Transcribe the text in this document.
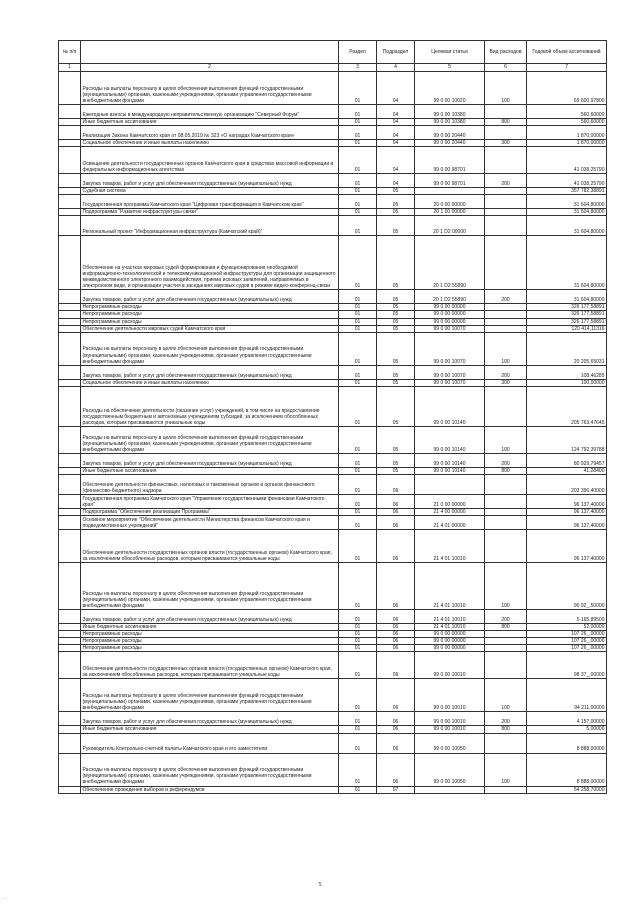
№ п/п		Раздел	Подраздел	Целевая статья	Вид расходов	Годовой объем ассигнований
1	2	3	4	5	6	7
	Расходы на выплаты персоналу в целях обеспечения выполнения функций государственными (муниципальными) органами, казенными учреждениями, органами управления государственными внебюджетными фондами	01	04	99 0 00 10020	100	69 600,97800
	Ежегодные взносы в международную неправительственную организацию "Северный Форум"	01	04	99 0 00 10380		560,60000
	Иные бюджетные ассигнования	01	04	99 0 00 10380	800	560,60000
	Реализация Закона Камчатского края от 08.05.2019 № 323 «О наградах Камчатского края»	01	04	99 0 00 20440		1 870,00000
	Социальное обеспечение и иные выплаты населению	01	04	99 0 00 20440	300	1 870,00000
	Освещение деятельности государственных органов Камчатского края в средствах массовой информации и федеральных информационных агентствах	01	04	99 0 00 98701		41 038,25790
	Закупка товаров, работ и услуг для обеспечения государственных (муниципальных) нужд	01	04	99 0 00 98701	200	41 038,25790
	Судебная система	01	05			357 782,38891
	Государственная программа Камчатского края "Цифровая трансформация в Камчатском крае"	01	05	20 0 00 00000		31 604,80000
	Подпрограмма "Развитие инфраструктуры связи"	01	05	20 1 00 00000		31 604,80000
	Региональный проект "Информационная инфраструктура (Камчатский край)"	01	05	20 1 D2 00000		31 604,80000
	Обеспечение на участках мировых судей формирования и функционирования необходимой информационно-технологической и телекоммуникационной инфраструктуры для организации защищенного межведомственного электронного взаимодействия, приема исковых заявлений, направляемых в электронном виде, и организации участия в заседаниях мировых судов в режиме видео-конференц-связи	01	05	20 1 D2 55890		31 604,80000
	Закупка товаров, работ и услуг для обеспечения государственных (муниципальных) нужд	01	05	20 1 D2 55890	200	31 604,80000
	Непрограммные расходы	01	05	99 0 00 00000		326 177,58891
	Непрограммные расходы	01	05	99 0 00 00000		326 177,58891
	Непрограммные расходы	01	05	99 0 00 00000		326 177,58891
	Обеспечение деятельности мировых судей Камчатского края	01	05	99 0 00 10070		120 414,11316
	Расходы на выплаты персоналу в целях обеспечения выполнения функций государственными (муниципальными) органами, казенными учреждениями, органами управления государственными внебюджетными фондами	01	05	99 0 00 10070	100	20 205,65031
	Закупка товаров, работ и услуг для обеспечения государственных (муниципальных) нужд	01	05	99 0 00 10070	200	108,46285
	Социальное обеспечение и иные выплаты населению	01	05	99 0 00 10070	300	100,00000
	Расходы на обеспечение деятельности (оказание услуг) учреждений, в том числе на предоставление государственным бюджетным и автономным учреждениям субсидий, за исключением обособленных расходов, которым присваиваются уникальные коды	01	05	99 0 00 10140		205 763,47645
	Расходы на выплаты персоналу в целях обеспечения выполнения функций государственными (муниципальными) органами, казенными учреждениями, органами управления государственными внебюджетными фондами	01	05	99 0 00 10140	100	124 792,39788
	Закупка товаров, работ и услуг для обеспечения государственных (муниципальных) нужд	01	05	99 0 00 10140	200	80 929,79457
	Иные бюджетные ассигнования	01	05	99 0 00 10140	800	41,28400
	Обеспечение деятельности финансовых, налоговых и таможенных органов и органов финансового (финансово-бюджетного) надзора	01	06			203 396,40000
	Государственная программа Камчатского края "Управление государственными финансами Камчатского края"	01	06	21 0 00 00000		96 137,40000
	Подпрограмма "Обеспечение реализации Программы"	01	06	21 4 00 00000		96 137,40000
	Основное мероприятие "Обеспечение деятельности Министерства финансов Камчатского края и подведомственных учреждений"	01	06	21 4 01 00000		96 137,40000
	Обеспечение деятельности государственных органов власти (государственных органов) Камчатского края, за исключением обособленных расходов, которым присваиваются уникальные коды	01	06	21 4 01 10010		96 137,40000
	Расходы на выплаты персоналу в целях обеспечения выполнения функций государственными (муниципальными) органами, казенными учреждениями, органами управления государственными внебюджетными фондами	01	06	21 4 01 10010	100	90 92_,50000
	Закупка товаров, работ и услуг для обеспечения государственных (муниципальных) нужд	01	06	21 4 01 10010	200	5 165,89500
	Иные бюджетные ассигнования	01	06	21 4 01 10010	800	52,00000
	Непрограммные расходы	01	06	99 0 00 00000		107 26_,00000
	Непрограммные расходы	01	06	99 0 00 00000		107 26_,00000
	Непрограммные расходы	01	06	99 0 00 00000		107 26_,00000
	Обеспечение деятельности государственных органов власти (государственных органов) Камчатского края, за исключением обособленных расходов, которым присваиваются уникальные коды	01	06	99 0 00 10010		98 37_,00000
	Расходы на выплаты персоналу в целях обеспечения выполнения функций государственными (муниципальными) органами, казенными учреждениями, органами управления государственными внебюджетными фондами	01	06	99 0 00 10010	100	94 211,00000
	Закупка товаров, работ и услуг для обеспечения государственных (муниципальных) нужд	01	06	99 0 00 10010	200	4 157,00000
	Иные бюджетные ассигнования	01	06	99 0 00 10010	800	5,00000
	Руководитель Контрольно-счетной палаты Камчатского края и его заместители	01	06	99 0 00 10050		8 888,00000
	Расходы на выплаты персоналу в целях обеспечения выполнения функций государственными (муниципальными) органами, казенными учреждениями, органами управления государственными внебюджетными фондами	01	06	99 0 00 10050	100	8 888,00000
	Обеспечение проведения выборов и референдумов	01	07			54 258,70000
5
......
